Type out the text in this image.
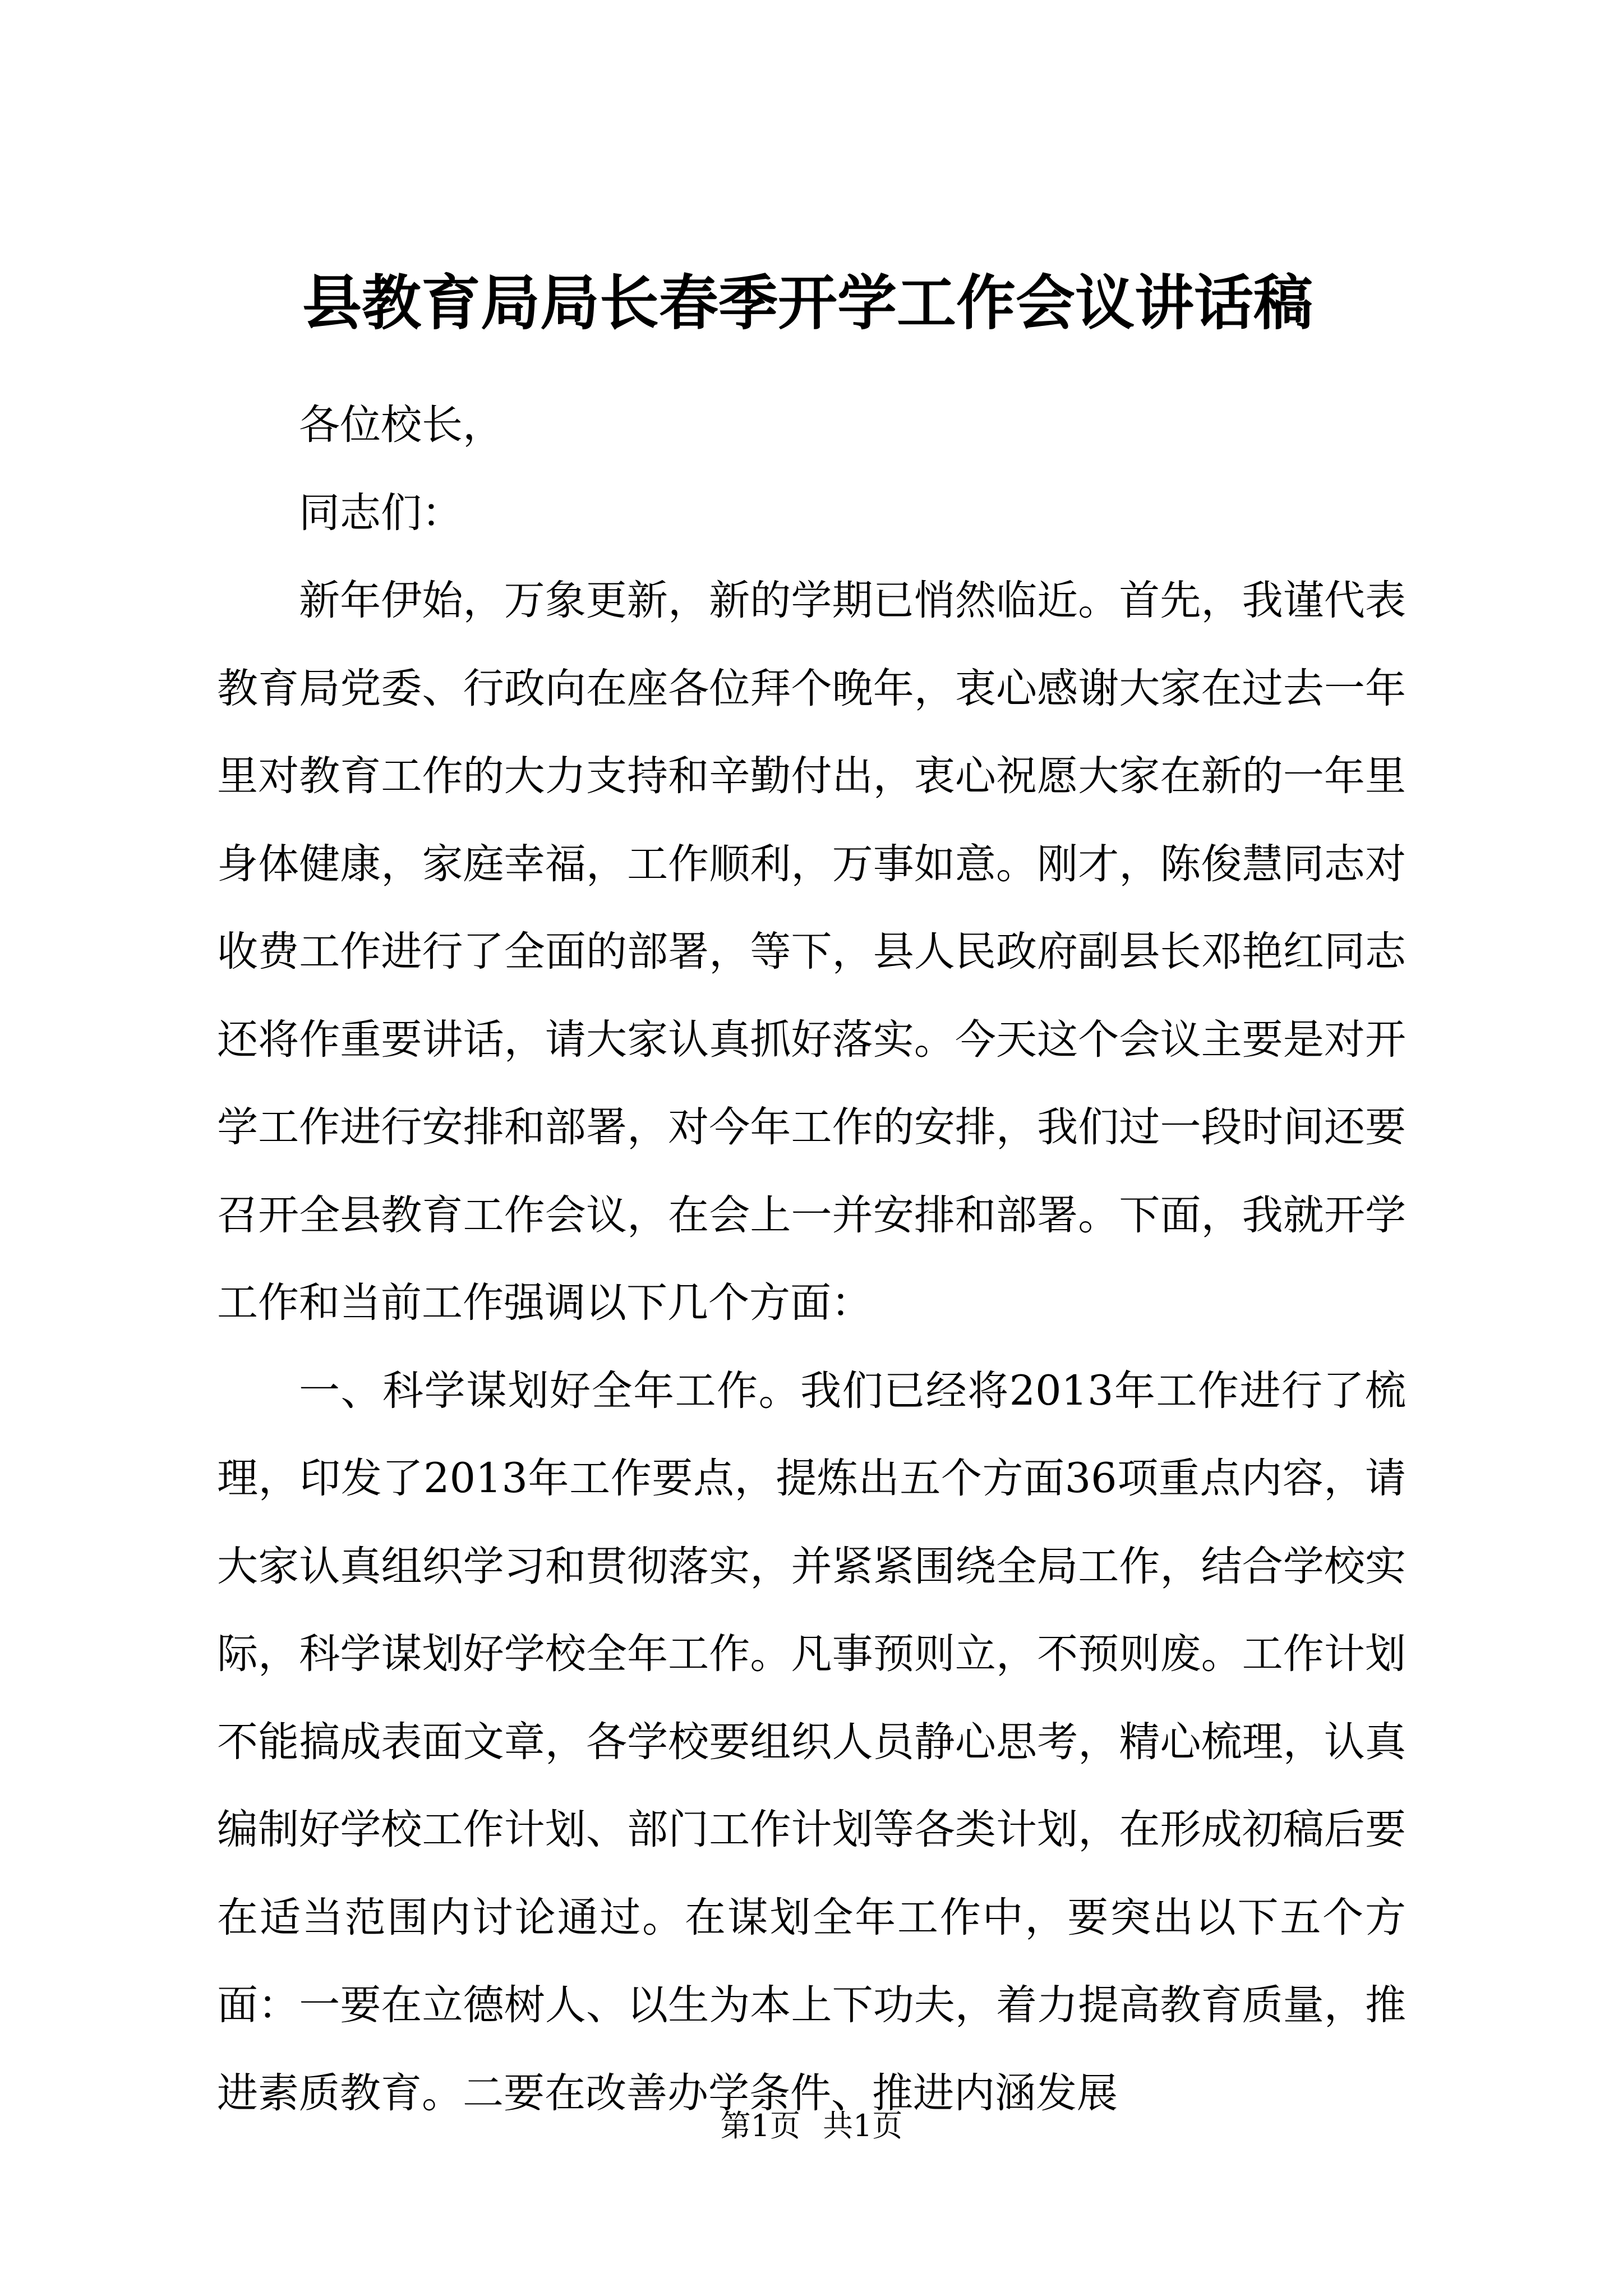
县教育局局长春季开学工作会议讲话稿

各位校长，

同志们：

新年伊始，万象更新，新的学期已悄然临近。首先，我谨代表教育局党委、行政向在座各位拜个晚年，衷心感谢大家在过去一年里对教育工作的大力支持和辛勤付出，衷心祝愿大家在新的一年里身体健康，家庭幸福，工作顺利，万事如意。刚才，陈俊慧同志对收费工作进行了全面的部署，等下，县人民政府副县长邓艳红同志还将作重要讲话，请大家认真抓好落实。今天这个会议主要是对开学工作进行安排和部署，对今年工作的安排，我们过一段时间还要召开全县教育工作会议，在会上一并安排和部署。下面，我就开学工作和当前工作强调以下几个方面：

一、科学谋划好全年工作。我们已经将2013年工作进行了梳理，印发了2013年工作要点，提炼出五个方面36项重点内容，请大家认真组织学习和贯彻落实，并紧紧围绕全局工作，结合学校实际，科学谋划好学校全年工作。凡事预则立，不预则废。工作计划不能搞成表面文章，各学校要组织人员静心思考，精心梳理，认真编制好学校工作计划、部门工作计划等各类计划，在形成初稿后要在适当范围内讨论通过。在谋划全年工作中，要突出以下五个方面：一要在立德树人、以生为本上下功夫，着力提高教育质量，推进素质教育。二要在改善办学条件、推进内涵发展

第1页 共1页
